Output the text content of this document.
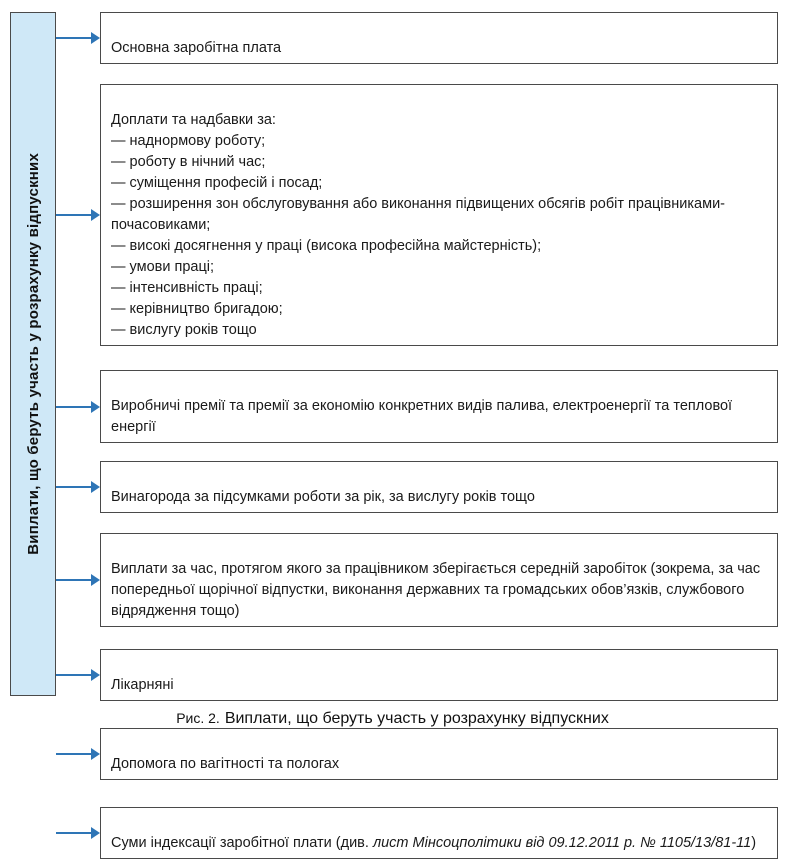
Виплати, що беруть участь у розрахунку відпускних

Основна заробітна плата

Доплати та надбавки за:
— наднормову роботу;
— роботу в нічний час;
— суміщення професій і посад;
— розширення зон обслуговування або виконання підвищених обсягів робіт працівниками-почасовиками;
— високі досягнення у праці (висока професійна майстерність);
— умови праці;
— інтенсивність праці;
— керівництво бригадою;
— вислугу років тощо

Виробничі премії та премії за економію конкретних видів палива, електроенергії та теплової енергії

Винагорода за підсумками роботи за рік, за вислугу років тощо

Виплати за час, протягом якого за працівником зберігається середній заробіток (зокрема, за час попередньої щорічної відпустки, виконання державних та громадських обов’язків, службового відрядження тощо)

Лікарняні

Допомога по вагітності та пологах

Суми індексації заробітної плати (див. лист Мінсоцполітики від 09.12.2011 р. № 1105/13/81-11)

Рис. 2. Виплати, що беруть участь у розрахунку відпускних
